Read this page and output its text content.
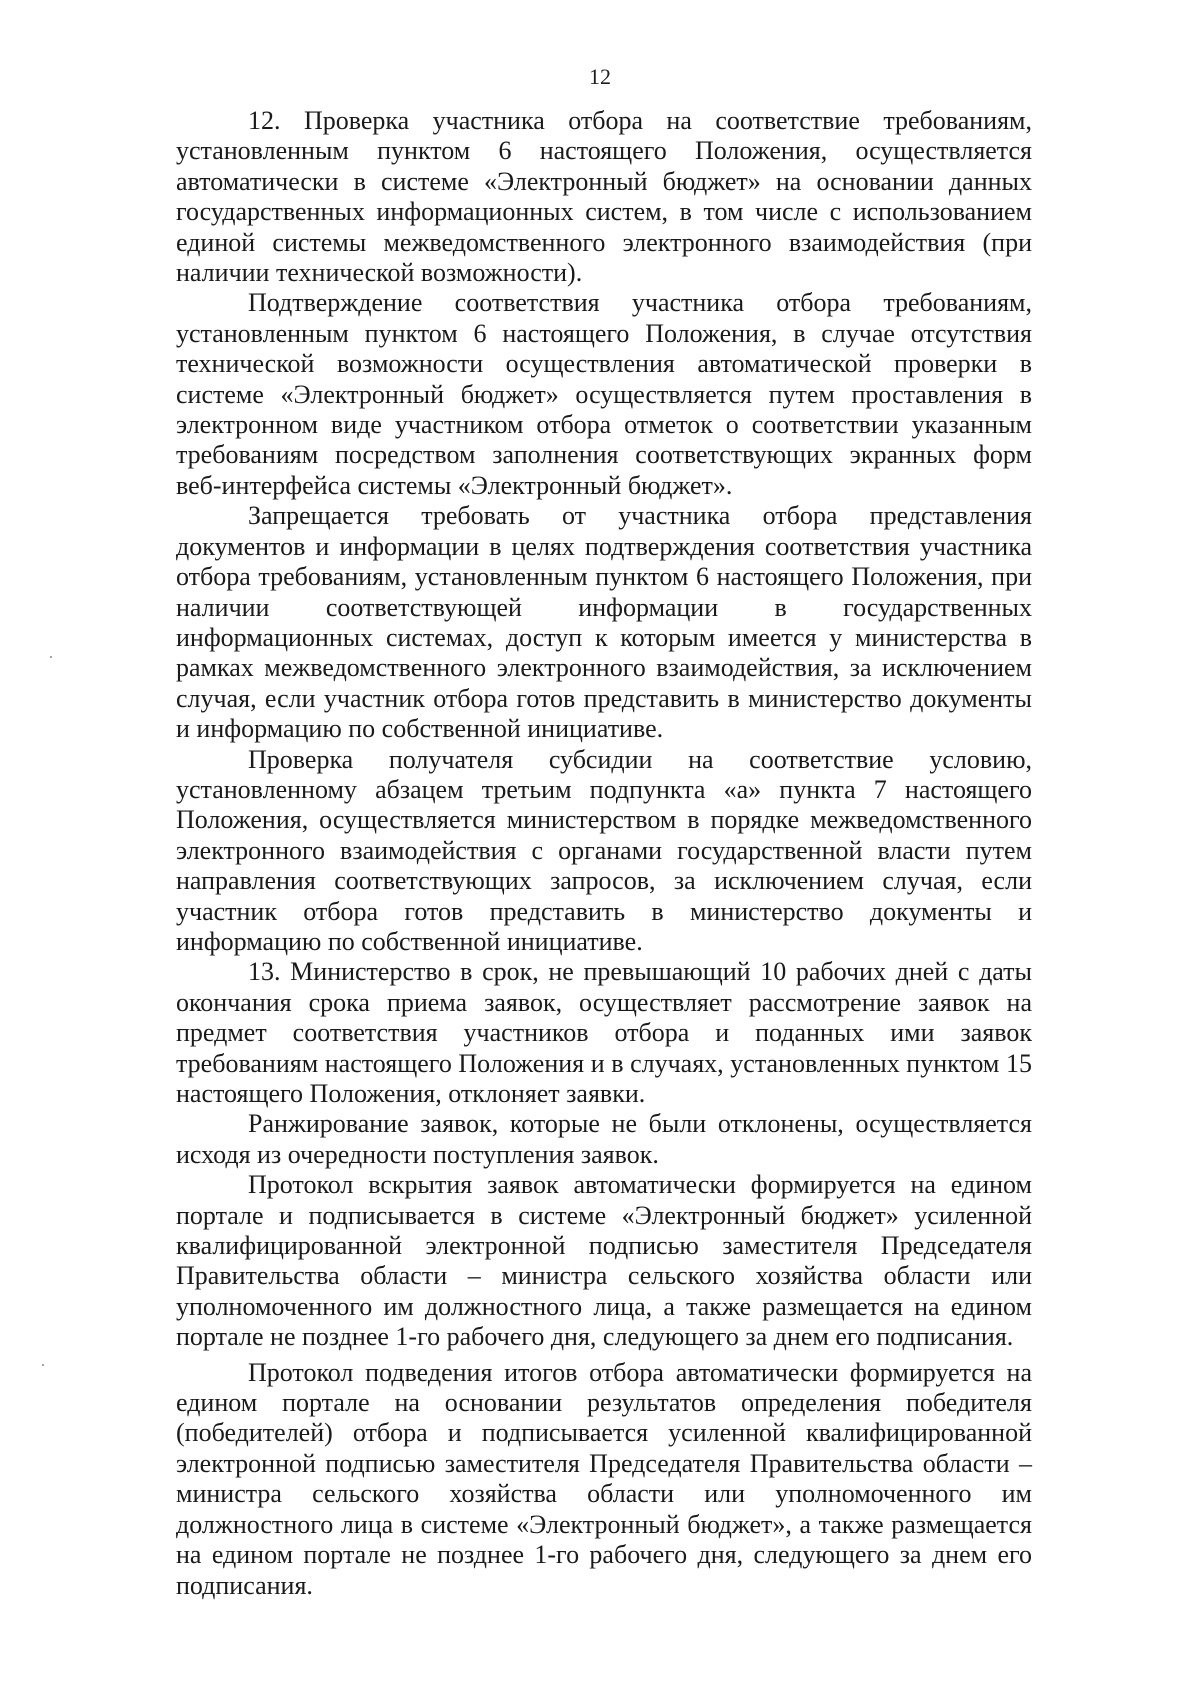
12

12. Проверка участника отбора на соответствие требованиям, установленным пунктом 6 настоящего Положения, осуществляется автоматически в системе «Электронный бюджет» на основании данных государственных информационных систем, в том числе с использованием единой системы межведомственного электронного взаимодействия (при наличии технической возможности).

Подтверждение соответствия участника отбора требованиям, установленным пунктом 6 настоящего Положения, в случае отсутствия технической возможности осуществления автоматической проверки в системе «Электронный бюджет» осуществляется путем проставления в электронном виде участником отбора отметок о соответствии указанным требованиям посредством заполнения соответствующих экранных форм веб-интерфейса системы «Электронный бюджет».

Запрещается требовать от участника отбора представления документов и информации в целях подтверждения соответствия участника отбора требованиям, установленным пунктом 6 настоящего Положения, при наличии соответствующей информации в государственных информационных системах, доступ к которым имеется у министерства в рамках межведомственного электронного взаимодействия, за исключением случая, если участник отбора готов представить в министерство документы и информацию по собственной инициативе.

Проверка получателя субсидии на соответствие условию, установленному абзацем третьим подпункта «а» пункта 7 настоящего Положения, осуществляется министерством в порядке межведомственного электронного взаимодействия с органами государственной власти путем направления соответствующих запросов, за исключением случая, если участник отбора готов представить в министерство документы и информацию по собственной инициативе.

13. Министерство в срок, не превышающий 10 рабочих дней с даты окончания срока приема заявок, осуществляет рассмотрение заявок на предмет соответствия участников отбора и поданных ими заявок требованиям настоящего Положения и в случаях, установленных пунктом 15 настоящего Положения, отклоняет заявки.

Ранжирование заявок, которые не были отклонены, осуществляется исходя из очередности поступления заявок.

Протокол вскрытия заявок автоматически формируется на едином портале и подписывается в системе «Электронный бюджет» усиленной квалифицированной электронной подписью заместителя Председателя Правительства области – министра сельского хозяйства области или уполномоченного им должностного лица, а также размещается на едином портале не позднее 1-го рабочего дня, следующего за днем его подписания.

Протокол подведения итогов отбора автоматически формируется на едином портале на основании результатов определения победителя (победителей) отбора и подписывается усиленной квалифицированной электронной подписью заместителя Председателя Правительства области – министра сельского хозяйства области или уполномоченного им должностного лица в системе «Электронный бюджет», а также размещается на едином портале не позднее 1-го рабочего дня, следующего за днем его подписания.
